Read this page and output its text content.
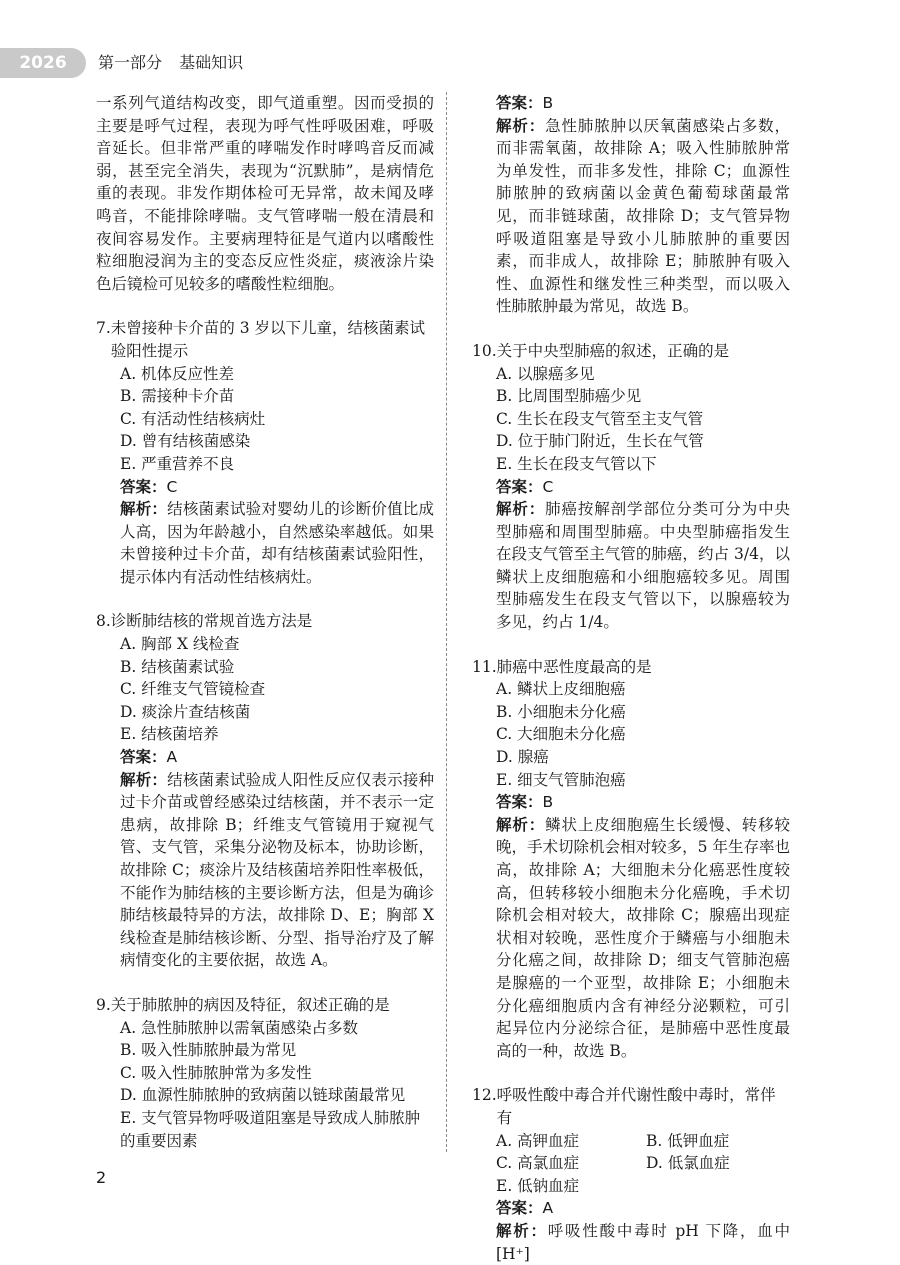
2026	第一部分 基础知识

一系列气道结构改变，即气道重塑。因而受损的主要是呼气过程，表现为呼气性呼吸困难，呼吸音延长。但非常严重的哮喘发作时哮鸣音反而减弱，甚至完全消失，表现为“沉默肺”，是病情危重的表现。非发作期体检可无异常，故未闻及哮鸣音，不能排除哮喘。支气管哮喘一般在清晨和夜间容易发作。主要病理特征是气道内以嗜酸性粒细胞浸润为主的变态反应性炎症，痰液涂片染色后镜检可见较多的嗜酸性粒细胞。

7. 未曾接种卡介苗的 3 岁以下儿童，结核菌素试验阳性提示
A. 机体反应性差
B. 需接种卡介苗
C. 有活动性结核病灶
D. 曾有结核菌感染
E. 严重营养不良
答案：C

解析：结核菌素试验对婴幼儿的诊断价值比成人高，因为年龄越小，自然感染率越低。如果未曾接种过卡介苗，却有结核菌素试验阳性，提示体内有活动性结核病灶。

8. 诊断肺结核的常规首选方法是
A. 胸部 X 线检查
B. 结核菌素试验
C. 纤维支气管镜检查
D. 痰涂片查结核菌
E. 结核菌培养
答案：A

解析：结核菌素试验成人阳性反应仅表示接种过卡介苗或曾经感染过结核菌，并不表示一定患病，故排除 B；纤维支气管镜用于窥视气管、支气管，采集分泌物及标本，协助诊断，故排除 C；痰涂片及结核菌培养阳性率极低，不能作为肺结核的主要诊断方法，但是为确诊肺结核最特异的方法，故排除 D、E；胸部 X 线检查是肺结核诊断、分型、指导治疗及了解病情变化的主要依据，故选 A。

9. 关于肺脓肿的病因及特征，叙述正确的是
A. 急性肺脓肿以需氧菌感染占多数
B. 吸入性肺脓肿最为常见
C. 吸入性肺脓肿常为多发性
D. 血源性肺脓肿的致病菌以链球菌最常见
E. 支气管异物呼吸道阻塞是导致成人肺脓肿的重要因素
答案：B

解析：急性肺脓肿以厌氧菌感染占多数，而非需氧菌，故排除 A；吸入性肺脓肿常为单发性，而非多发性，排除 C；血源性肺脓肿的致病菌以金黄色葡萄球菌最常见，而非链球菌，故排除 D；支气管异物呼吸道阻塞是导致小儿肺脓肿的重要因素，而非成人，故排除 E；肺脓肿有吸入性、血源性和继发性三种类型，而以吸入性肺脓肿最为常见，故选 B。

10. 关于中央型肺癌的叙述，正确的是
A. 以腺癌多见
B. 比周围型肺癌少见
C. 生长在段支气管至主支气管
D. 位于肺门附近，生长在气管
E. 生长在段支气管以下
答案：C

解析：肺癌按解剖学部位分类可分为中央型肺癌和周围型肺癌。中央型肺癌指发生在段支气管至主气管的肺癌，约占 3/4，以鳞状上皮细胞癌和小细胞癌较多见。周围型肺癌发生在段支气管以下，以腺癌较为多见，约占 1/4。

11. 肺癌中恶性度最高的是
A. 鳞状上皮细胞癌
B. 小细胞未分化癌
C. 大细胞未分化癌
D. 腺癌
E. 细支气管肺泡癌
答案：B

解析：鳞状上皮细胞癌生长缓慢、转移较晚，手术切除机会相对较多，5 年生存率也高，故排除 A；大细胞未分化癌恶性度较高，但转移较小细胞未分化癌晚，手术切除机会相对较大，故排除 C；腺癌出现症状相对较晚，恶性度介于鳞癌与小细胞未分化癌之间，故排除 D；细支气管肺泡癌是腺癌的一个亚型，故排除 E；小细胞未分化癌细胞质内含有神经分泌颗粒，可引起异位内分泌综合征，是肺癌中恶性度最高的一种，故选 B。

12. 呼吸性酸中毒合并代谢性酸中毒时，常伴有
A. 高钾血症	B. 低钾血症
C. 高氯血症	D. 低氯血症
E. 低钠血症
答案：A

解析：呼吸性酸中毒时 pH 下降，血中[H⁺]

2
